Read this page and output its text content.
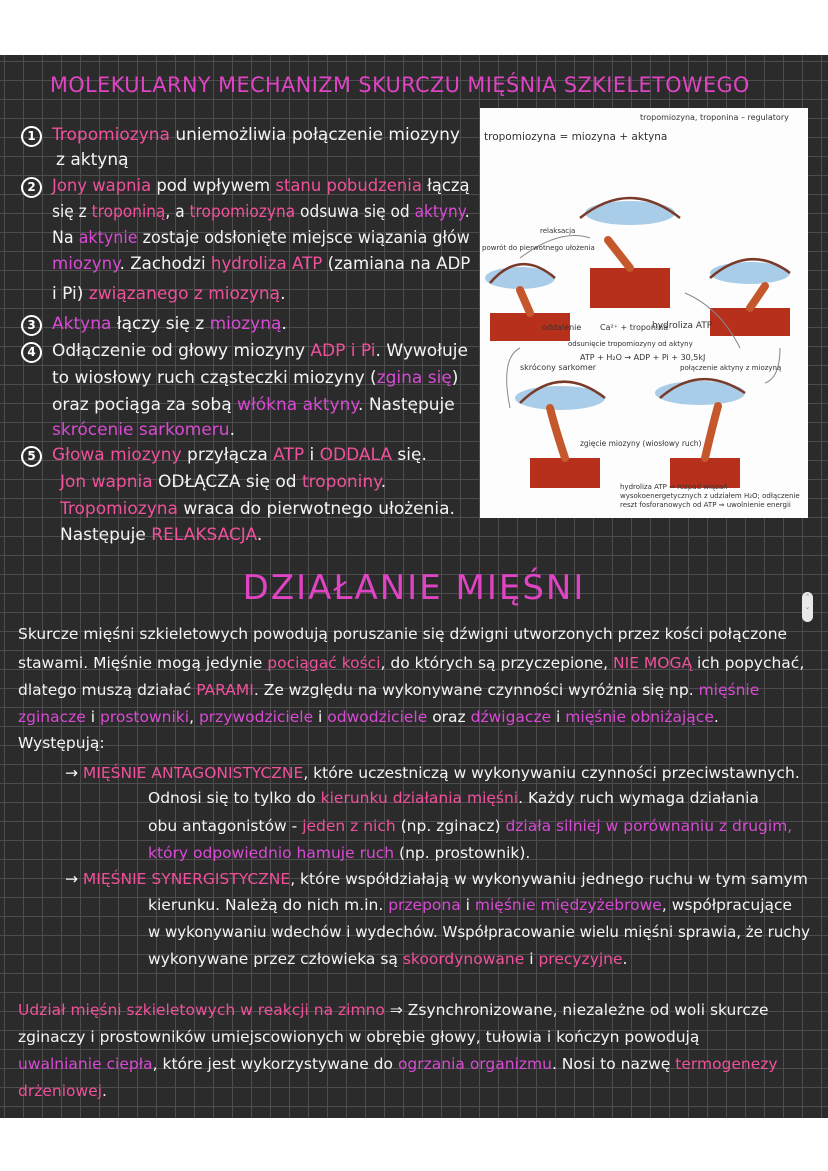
MOLEKULARNY MECHANIZM SKURCZU MIĘŚNIA SZKIELETOWEGO
1 Tropomiozyna uniemożliwia połączenie miozyny
z aktyną
2 Jony wapnia pod wpływem stanu pobudzenia łączą
się z troponiną, a tropomiozyna odsuwa się od aktyny.
Na aktynie zostaje odsłonięte miejsce wiązania głów
miozyny. Zachodzi hydroliza ATP (zamiana na ADP
i Pi) związanego z miozyną.
3 Aktyna łączy się z miozyną.
4 Odłączenie od głowy miozyny ADP i Pi. Wywołuje
to wiosłowy ruch cząsteczki miozyny (zgina się)
oraz pociąga za sobą włókna aktyny. Następuje
skrócenie sarkomeru.
5 Głowa miozyny przyłącza ATP i ODDALA się.
Jon wapnia ODŁĄCZA się od troponiny.
Tropomiozyna wraca do pierwotnego ułożenia.
Następuje RELAKSACJA.
tropomiozyna = miozyna + aktyna
tropomiozyna, troponina – regulatory
hydroliza ATP
Ca²⁺ + troponina
odsunięcie tropomiozyny od aktyny
ATP + H₂O → ADP + Pi + 30,5kJ
powrót do pierwotnego ułożenia
relaksacja
oddalenie
skrócony sarkomer
zgięcie miozyny (wiosłowy ruch)
połączenie aktyny z miozyną
hydroliza ATP ⇒ rozpad wiązań wysokoenergetycznych z udziałem H₂O; odłączenie reszt fosforanowych od ATP ⇒ uwolnienie energii
DZIAŁANIE MIĘŚNI	⌃
⌄
Skurcze mięśni szkieletowych powodują poruszanie się dźwigni utworzonych przez kości połączone
stawami. Mięśnie mogą jedynie pociągać kości, do których są przyczepione, NIE MOGĄ ich popychać,
dlatego muszą działać PARAMI. Ze względu na wykonywane czynności wyróżnia się np. mięśnie
zginacze i prostowniki, przywodziciele i odwodziciele oraz dźwigacze i mięśnie obniżające.
Występują:
→ MIĘŚNIE ANTAGONISTYCZNE, które uczestniczą w wykonywaniu czynności przeciwstawnych.
Odnosi się to tylko do kierunku działania mięśni. Każdy ruch wymaga działania
obu antagonistów - jeden z nich (np. zginacz) działa silniej w porównaniu z drugim,
który odpowiednio hamuje ruch (np. prostownik).
→ MIĘŚNIE SYNERGISTYCZNE, które współdziałają w wykonywaniu jednego ruchu w tym samym
kierunku. Należą do nich m.in. przepona i mięśnie międzyżebrowe, współpracujące
w wykonywaniu wdechów i wydechów. Współpracowanie wielu mięśni sprawia, że ruchy
wykonywane przez człowieka są skoordynowane i precyzyjne.
Udział mięśni szkieletowych w reakcji na zimno ⇒ Zsynchronizowane, niezależne od woli skurcze
zginaczy i prostowników umiejscowionych w obrębie głowy, tułowia i kończyn powodują
uwalnianie ciepła, które jest wykorzystywane do ogrzania organizmu. Nosi to nazwę termogenezy
drżeniowej.
